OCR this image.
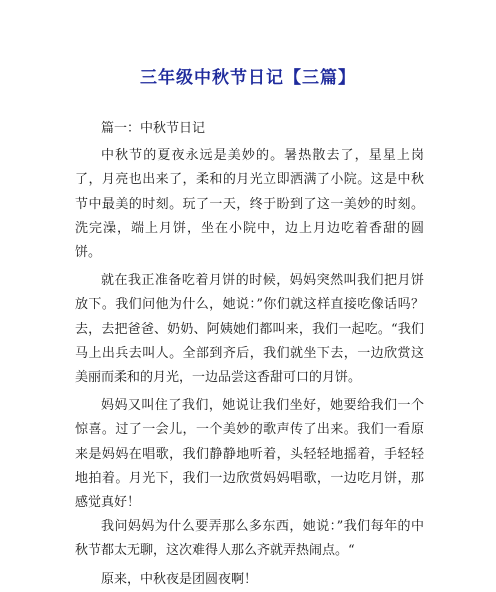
三年级中秋节日记【三篇】

篇一：中秋节日记

中秋节的夏夜永远是美妙的。暑热散去了，星星上岗了，月亮也出来了，柔和的月光立即洒满了小院。这是中秋节中最美的时刻。玩了一天，终于盼到了这一美妙的时刻。洗完澡，端上月饼，坐在小院中，边上月边吃着香甜的圆饼。

就在我正准备吃着月饼的时候，妈妈突然叫我们把月饼放下。我们问他为什么，她说：”你们就这样直接吃像话吗？去，去把爸爸、奶奶、阿姨她们都叫来，我们一起吃。“我们马上出兵去叫人。全部到齐后，我们就坐下去，一边欣赏这美丽而柔和的月光，一边品尝这香甜可口的月饼。

妈妈又叫住了我们，她说让我们坐好，她要给我们一个惊喜。过了一会儿，一个美妙的歌声传了出来。我们一看原来是妈妈在唱歌，我们静静地听着，头轻轻地摇着，手轻轻地拍着。月光下，我们一边欣赏妈妈唱歌，一边吃月饼，那感觉真好！

我问妈妈为什么要弄那么多东西，她说：”我们每年的中秋节都太无聊，这次难得人那么齐就弄热闹点。“

原来，中秋夜是团圆夜啊！
